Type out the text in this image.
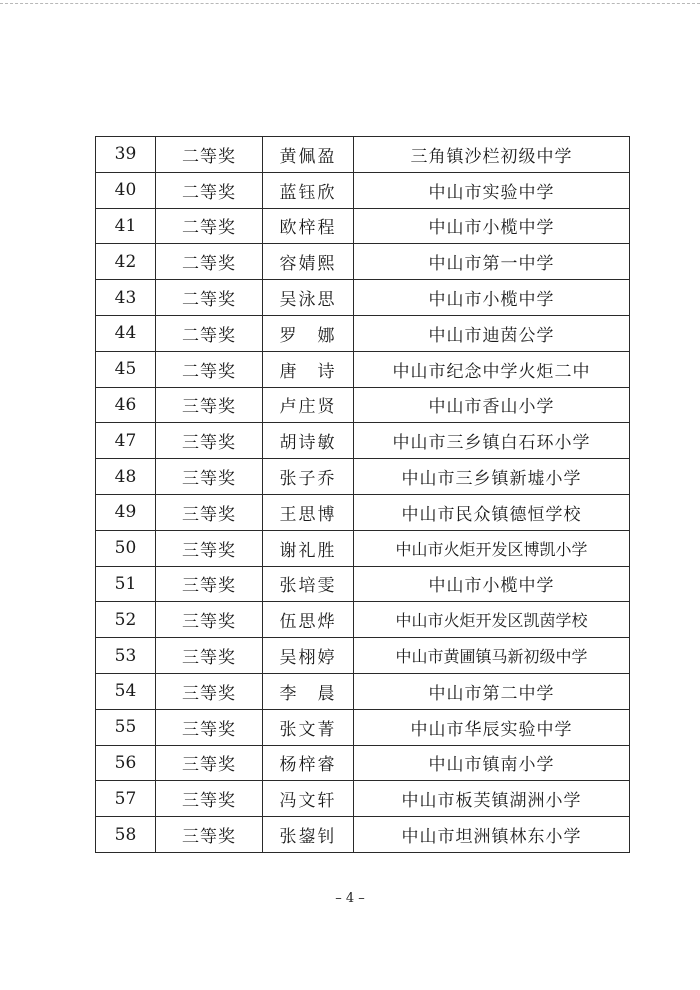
39	二等奖	黄佩盈	三角镇沙栏初级中学
40	二等奖	蓝钰欣	中山市实验中学
41	二等奖	欧梓程	中山市小榄中学
42	二等奖	容婧熙	中山市第一中学
43	二等奖	吴泳思	中山市小榄中学
44	二等奖	罗　娜	中山市迪茵公学
45	二等奖	唐　诗	中山市纪念中学火炬二中
46	三等奖	卢庄贤	中山市香山小学
47	三等奖	胡诗敏	中山市三乡镇白石环小学
48	三等奖	张子乔	中山市三乡镇新墟小学
49	三等奖	王思博	中山市民众镇德恒学校
50	三等奖	谢礼胜	中山市火炬开发区博凯小学
51	三等奖	张培雯	中山市小榄中学
52	三等奖	伍思烨	中山市火炬开发区凯茵学校
53	三等奖	吴栩婷	中山市黄圃镇马新初级中学
54	三等奖	李　晨	中山市第二中学
55	三等奖	张文菁	中山市华辰实验中学
56	三等奖	杨梓睿	中山市镇南小学
57	三等奖	冯文轩	中山市板芙镇湖洲小学
58	三等奖	张鋆钊	中山市坦洲镇林东小学
– 4 –
